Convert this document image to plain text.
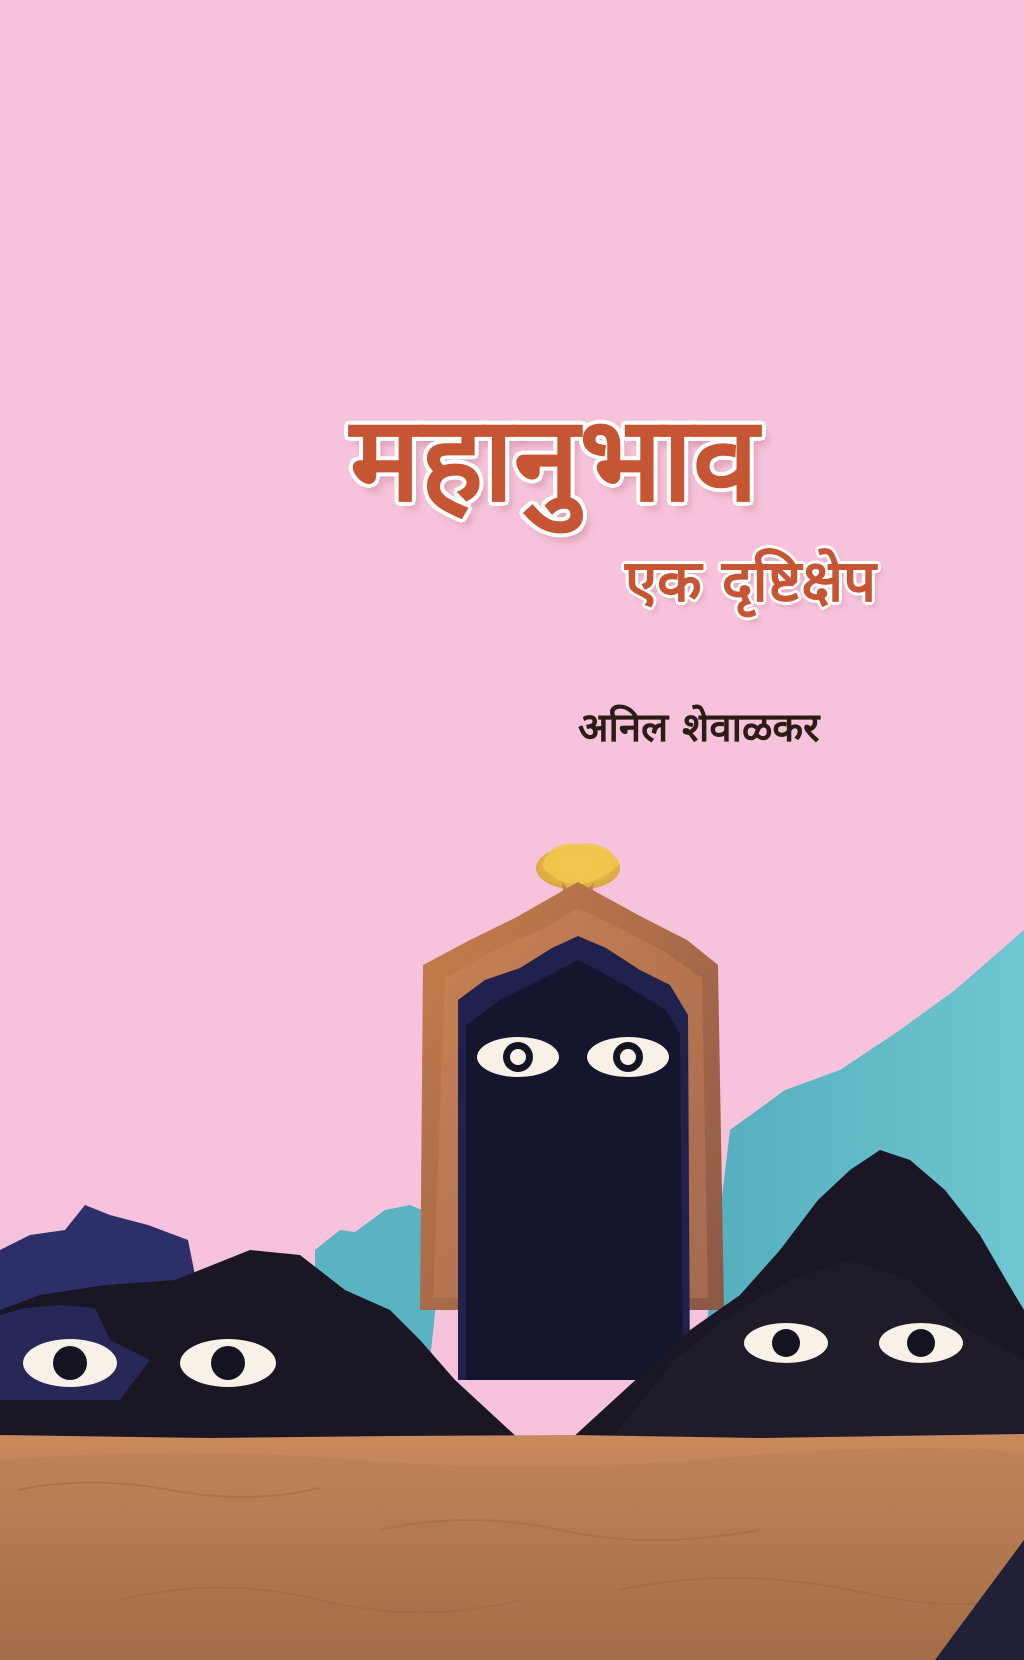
महानुभाव
एक दृष्टिक्षेप
अनिल शेवाळकर
